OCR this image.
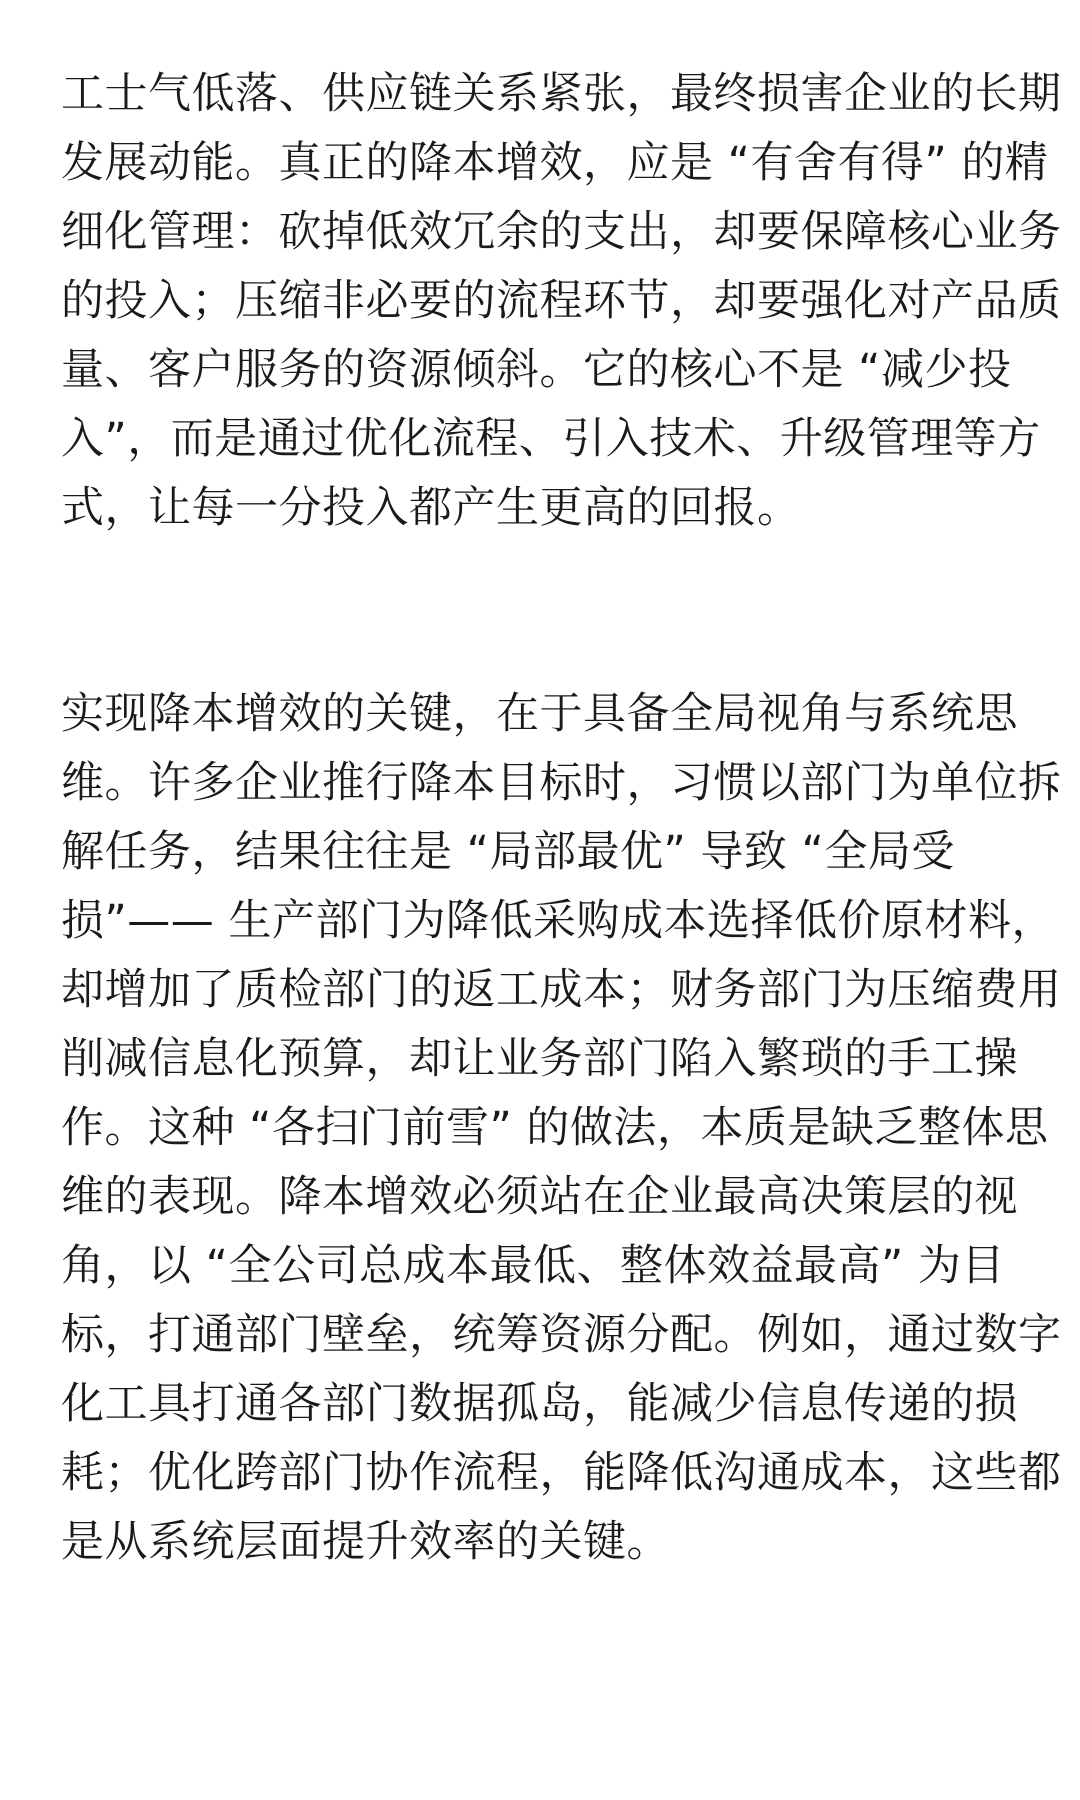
工士气低落、供应链关系紧张，最终损害企业的长期
发展动能。真正的降本增效，应是 “有舍有得” 的精
细化管理：砍掉低效冗余的支出，却要保障核心业务
的投入；压缩非必要的流程环节，却要强化对产品质
量、客户服务的资源倾斜。它的核心不是 “减少投
入”，而是通过优化流程、引入技术、升级管理等方
式，让每一分投入都产生更高的回报。

实现降本增效的关键，在于具备全局视角与系统思
维。许多企业推行降本目标时，习惯以部门为单位拆
解任务，结果往往是 “局部最优” 导致 “全局受
损”—— 生产部门为降低采购成本选择低价原材料，
却增加了质检部门的返工成本；财务部门为压缩费用
削减信息化预算，却让业务部门陷入繁琐的手工操
作。这种 “各扫门前雪” 的做法，本质是缺乏整体思
维的表现。降本增效必须站在企业最高决策层的视
角，以 “全公司总成本最低、整体效益最高” 为目
标，打通部门壁垒，统筹资源分配。例如，通过数字
化工具打通各部门数据孤岛，能减少信息传递的损
耗；优化跨部门协作流程，能降低沟通成本，这些都
是从系统层面提升效率的关键。
